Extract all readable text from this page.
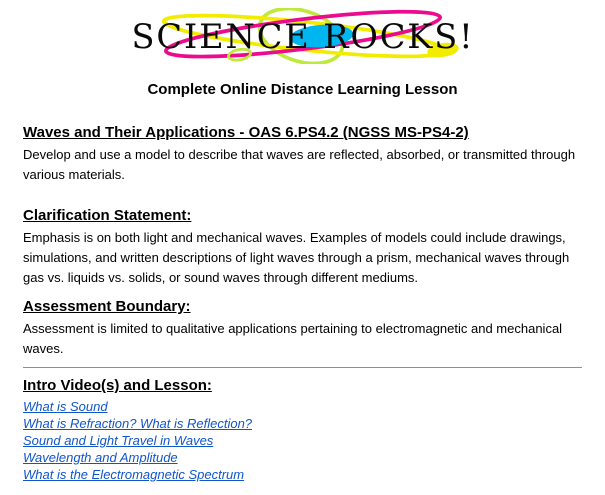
SCIENCE ROCKS!
Complete Online Distance Learning Lesson
Waves and Their Applications - OAS 6.PS4.2 (NGSS MS-PS4-2)
Develop and use a model to describe that waves are reflected, absorbed, or transmitted through various materials.
Clarification Statement:
Emphasis is on both light and mechanical waves. Examples of models could include drawings, simulations, and written descriptions of light waves through a prism, mechanical waves through gas vs. liquids vs. solids, or sound waves through different mediums.
Assessment Boundary:
Assessment is limited to qualitative applications pertaining to electromagnetic and mechanical waves.
Intro Video(s) and Lesson:
What is Sound
What is Refraction? What is Reflection?
Sound and Light Travel in Waves
Wavelength and Amplitude
What is the Electromagnetic Spectrum
